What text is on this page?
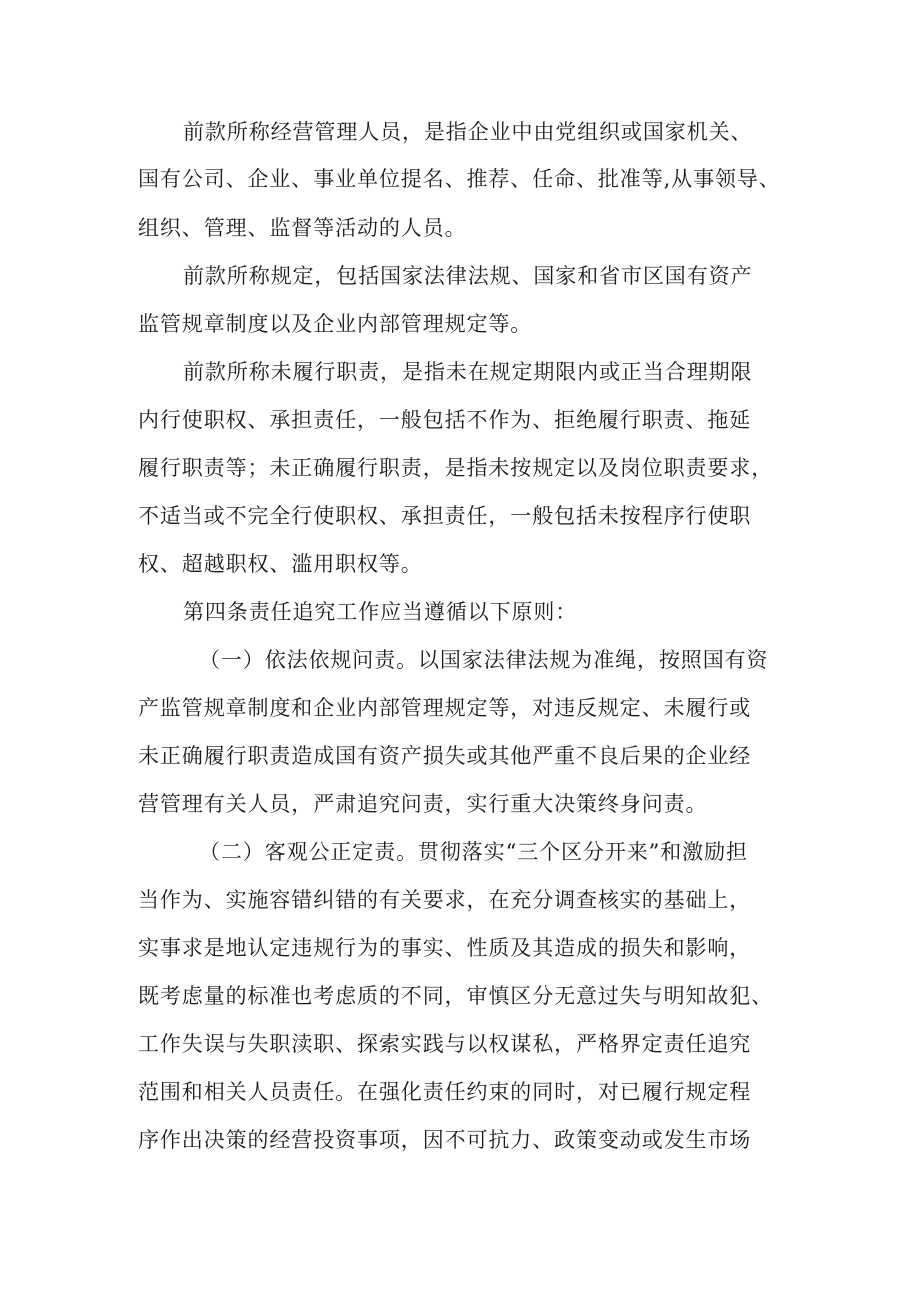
前款所称经营管理人员，是指企业中由党组织或国家机关、

国有公司、企业、事业单位提名、推荐、任命、批准等,从事领导、

组织、管理、监督等活动的人员。

前款所称规定，包括国家法律法规、国家和省市区国有资产

监管规章制度以及企业内部管理规定等。

前款所称未履行职责，是指未在规定期限内或正当合理期限

内行使职权、承担责任，一般包括不作为、拒绝履行职责、拖延

履行职责等；未正确履行职责，是指未按规定以及岗位职责要求，

不适当或不完全行使职权、承担责任，一般包括未按程序行使职

权、超越职权、滥用职权等。

第四条责任追究工作应当遵循以下原则：

（一）依法依规问责。以国家法律法规为准绳，按照国有资

产监管规章制度和企业内部管理规定等，对违反规定、未履行或

未正确履行职责造成国有资产损失或其他严重不良后果的企业经

营管理有关人员，严肃追究问责，实行重大决策终身问责。

（二）客观公正定责。贯彻落实“三个区分开来”和激励担

当作为、实施容错纠错的有关要求，在充分调查核实的基础上，

实事求是地认定违规行为的事实、性质及其造成的损失和影响，

既考虑量的标准也考虑质的不同，审慎区分无意过失与明知故犯、

工作失误与失职渎职、探索实践与以权谋私，严格界定责任追究

范围和相关人员责任。在强化责任约束的同时，对已履行规定程

序作出决策的经营投资事项，因不可抗力、政策变动或发生市场
